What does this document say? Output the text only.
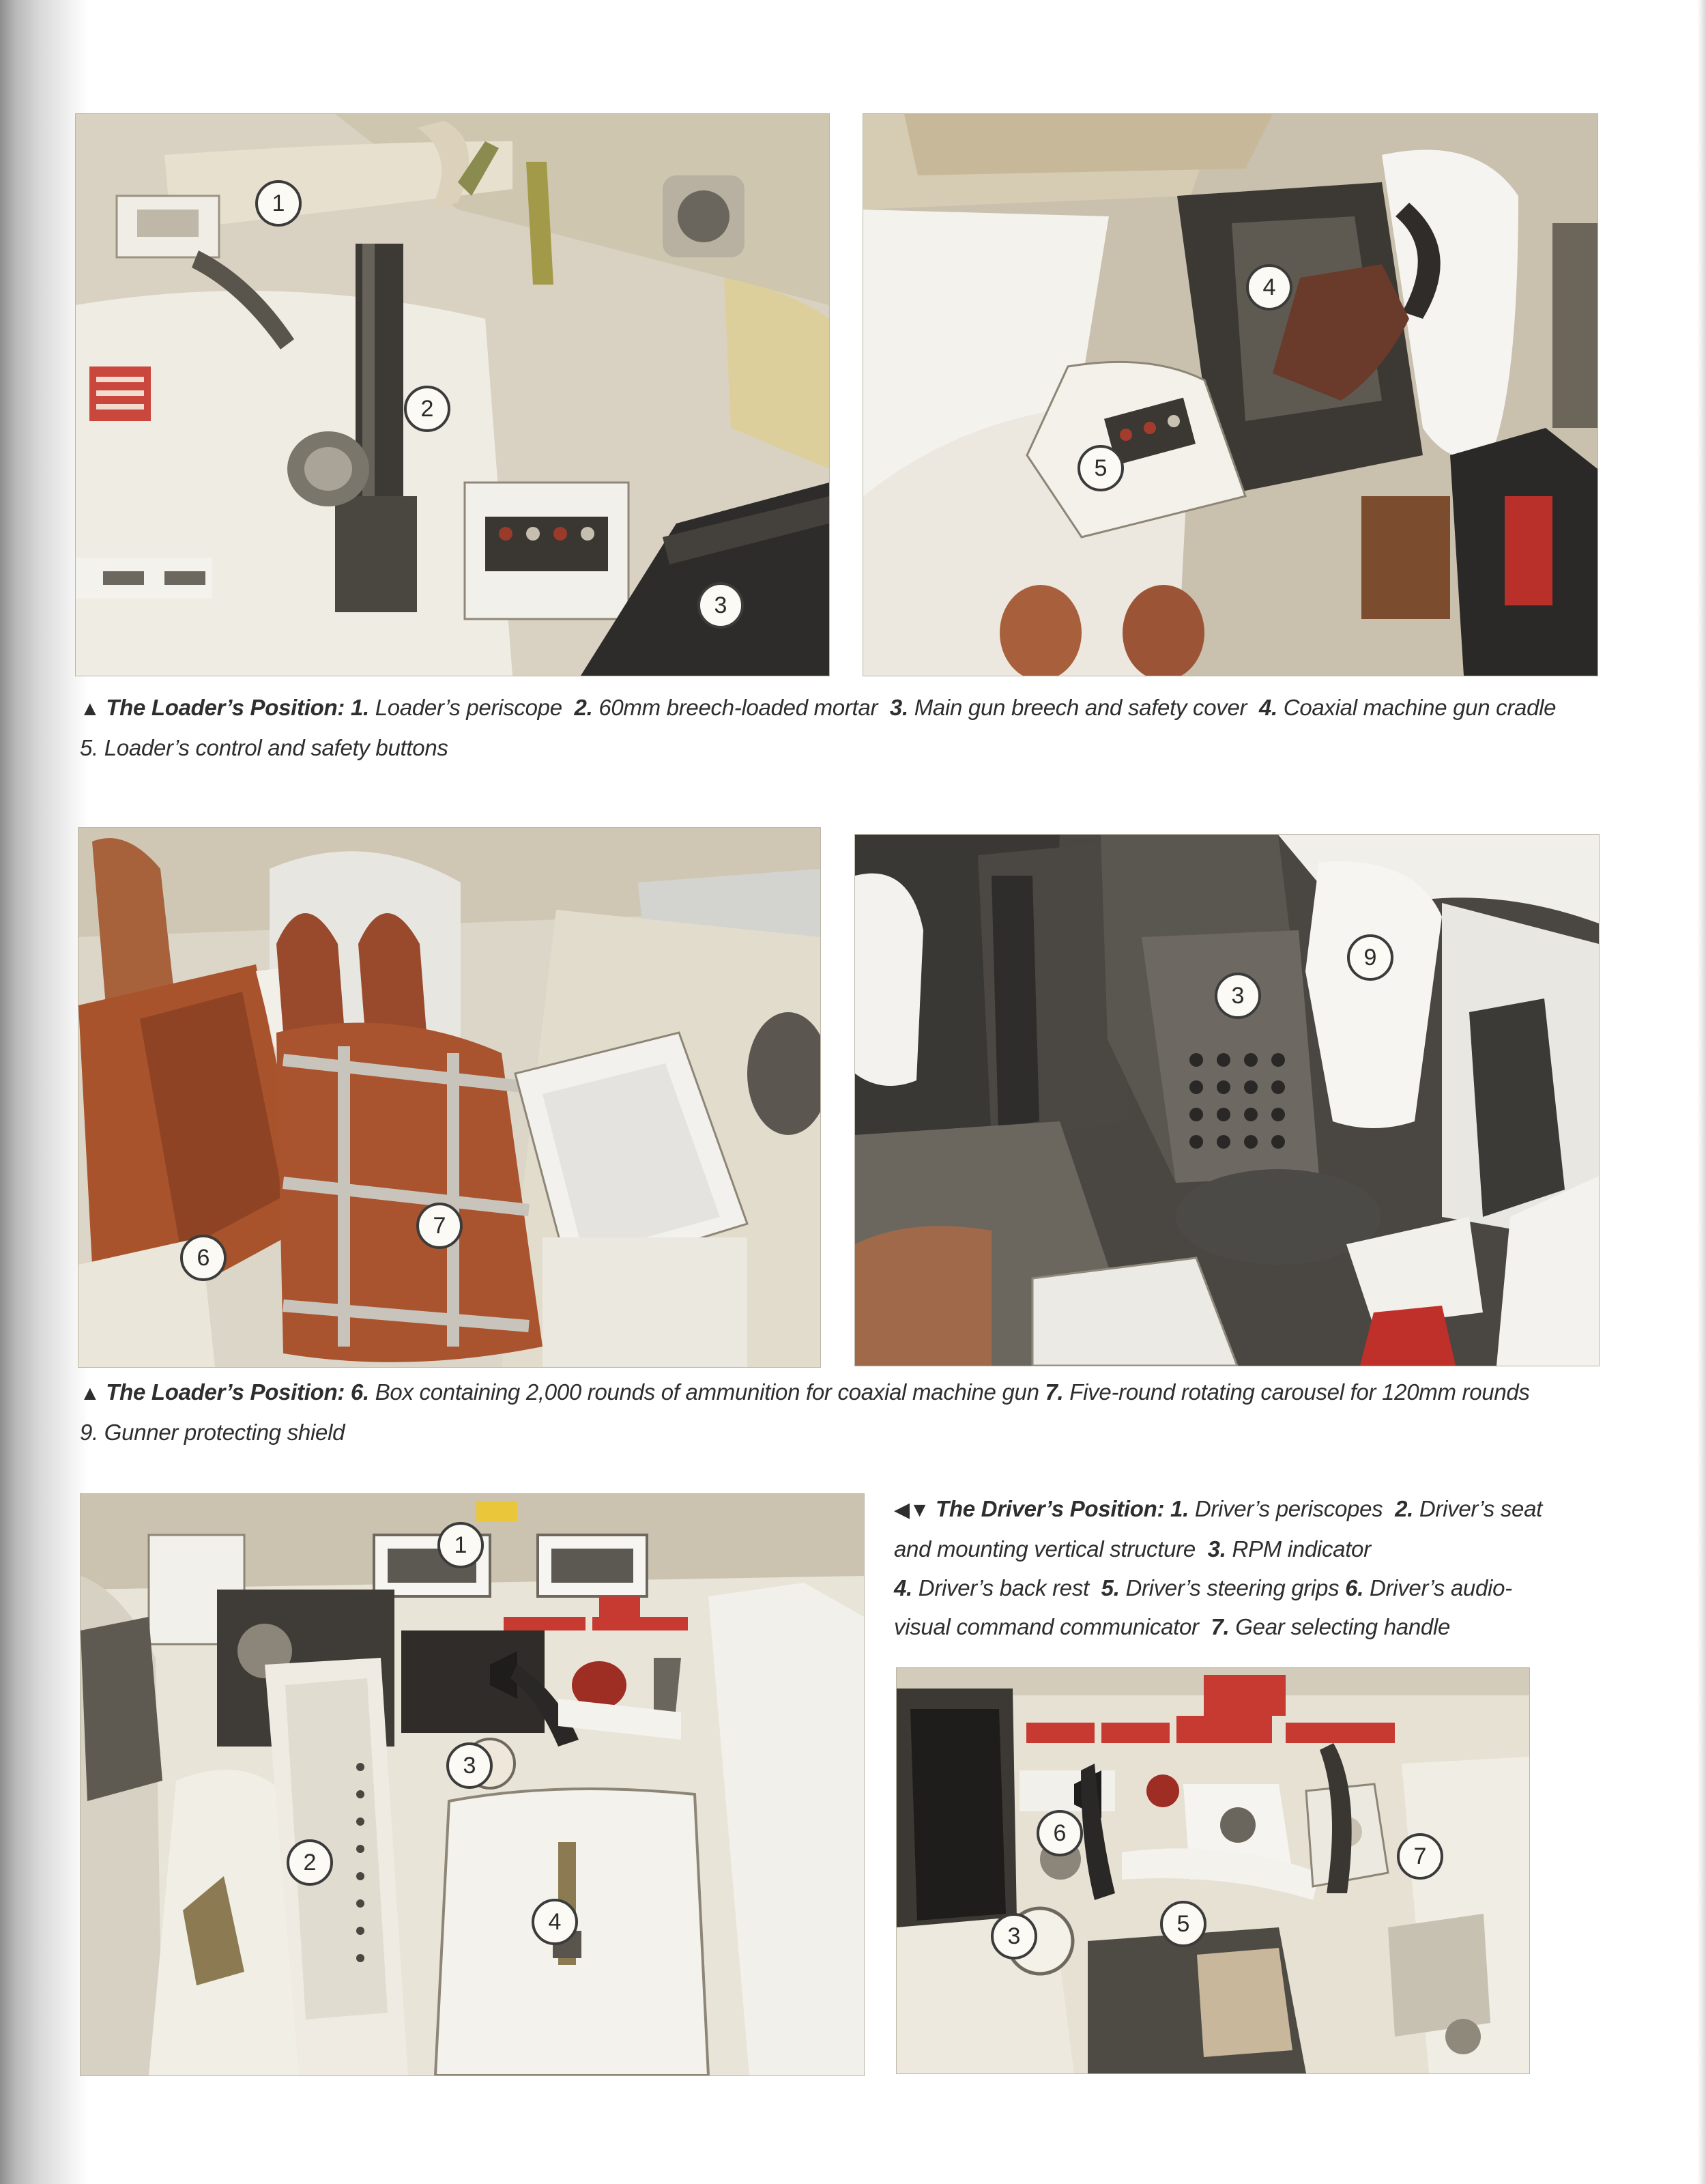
1
2
3
4
5
▲ The Loader’s Position: 1. Loader’s periscope 2. 60mm breech-loaded mortar 3. Main gun breech and safety cover 4. Coaxial machine gun cradle
5. Loader’s control and safety buttons
6
7
3
9
▲ The Loader’s Position: 6. Box containing 2,000 rounds of ammunition for coaxial machine gun 7. Five-round rotating carousel for 120mm rounds
9. Gunner protecting shield
1
3
2
4
◀▼ The Driver’s Position: 1. Driver’s periscopes 2. Driver’s seat and mounting vertical structure 3. RPM indicator
4. Driver’s back rest 5. Driver’s steering grips 6. Driver’s audio-visual command communicator 7. Gear selecting handle
6
7
5
3
